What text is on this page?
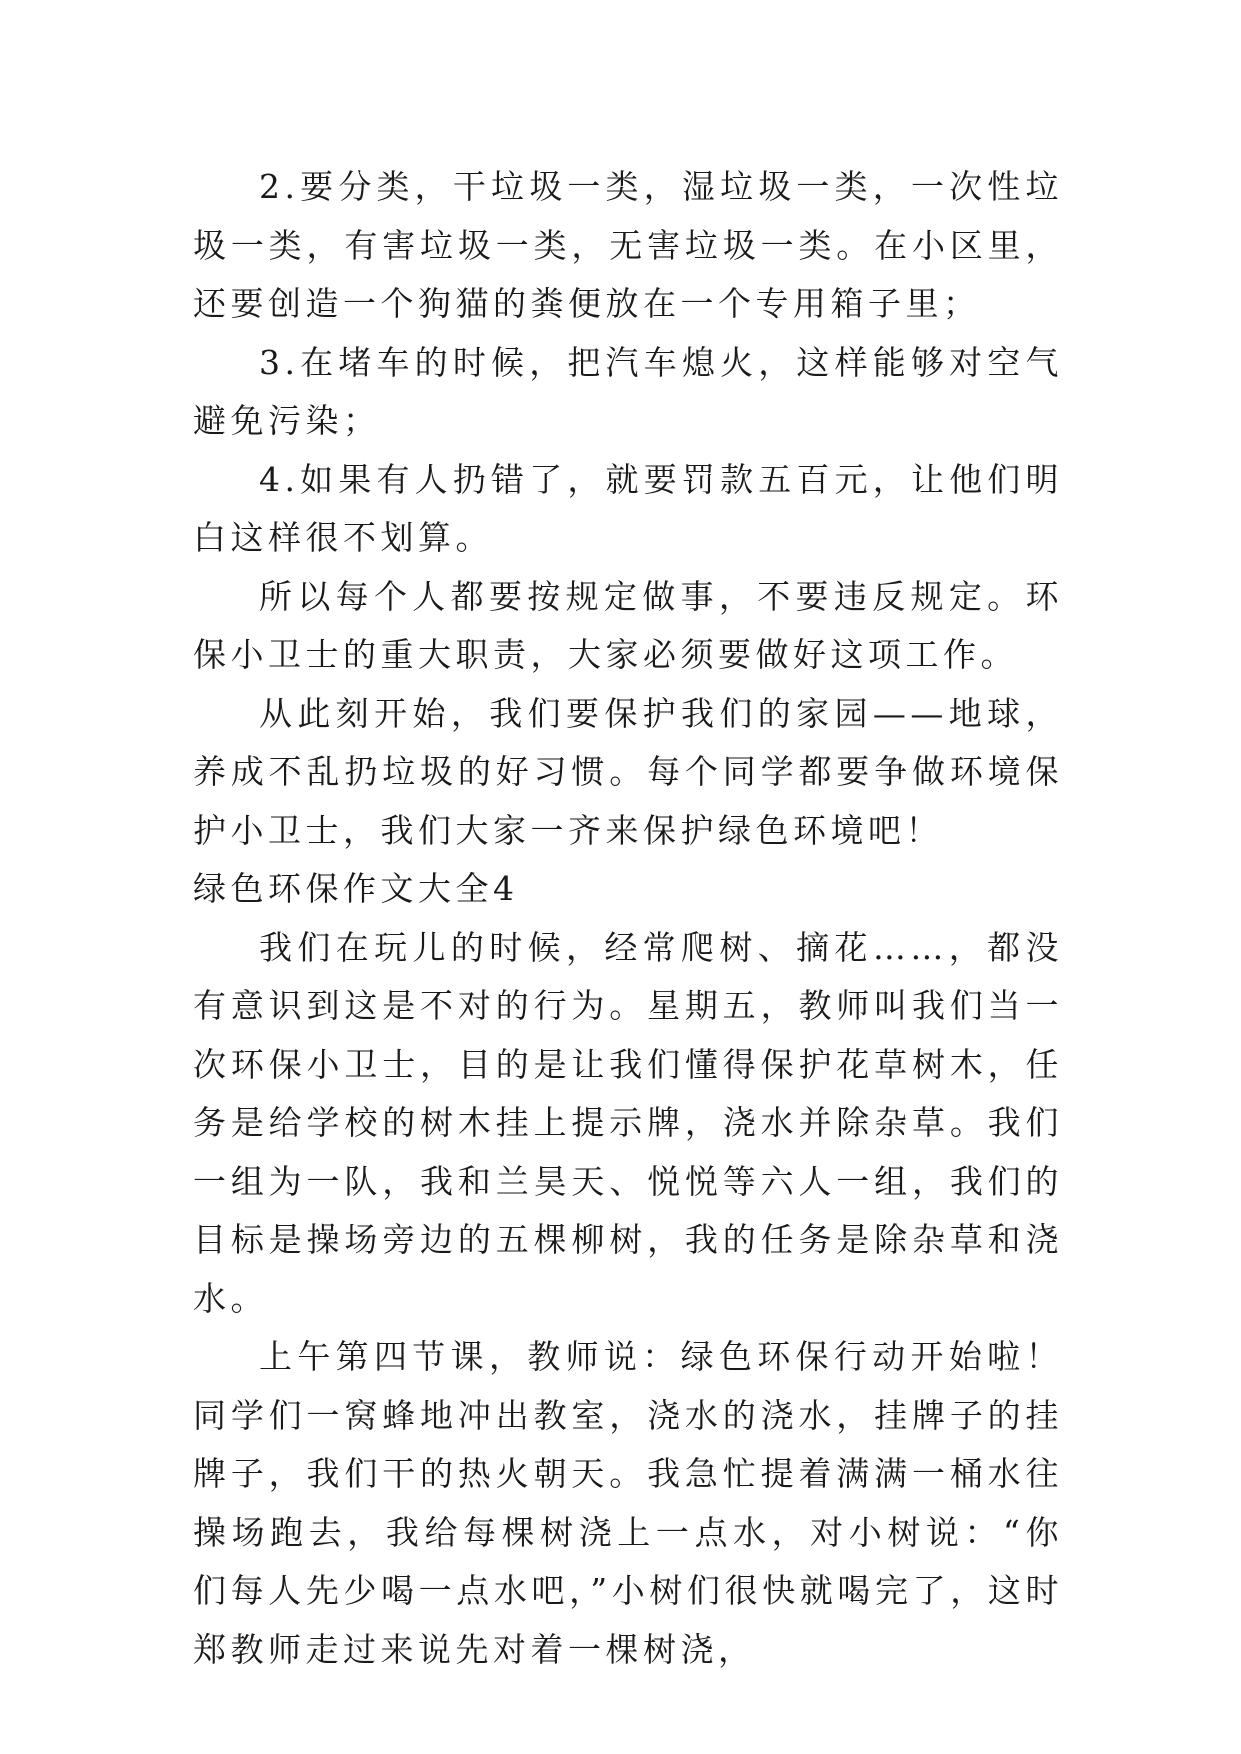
2.要分类，干垃圾一类，湿垃圾一类，一次性垃圾一类，有害垃圾一类，无害垃圾一类。在小区里，还要创造一个狗猫的粪便放在一个专用箱子里；

3.在堵车的时候，把汽车熄火，这样能够对空气避免污染；

4.如果有人扔错了，就要罚款五百元，让他们明白这样很不划算。

所以每个人都要按规定做事，不要违反规定。环保小卫士的重大职责，大家必须要做好这项工作。

从此刻开始，我们要保护我们的家园——地球，养成不乱扔垃圾的好习惯。每个同学都要争做环境保护小卫士，我们大家一齐来保护绿色环境吧！

绿色环保作文大全4

我们在玩儿的时候，经常爬树、摘花……，都没有意识到这是不对的行为。星期五，教师叫我们当一次环保小卫士，目的是让我们懂得保护花草树木，任务是给学校的树木挂上提示牌，浇水并除杂草。我们一组为一队，我和兰昊天、悦悦等六人一组，我们的目标是操场旁边的五棵柳树，我的任务是除杂草和浇水。

上午第四节课，教师说：绿色环保行动开始啦！同学们一窝蜂地冲出教室，浇水的浇水，挂牌子的挂牌子，我们干的热火朝天。我急忙提着满满一桶水往操场跑去，我给每棵树浇上一点水，对小树说：“你们每人先少喝一点水吧，”小树们很快就喝完了，这时郑教师走过来说先对着一棵树浇，
